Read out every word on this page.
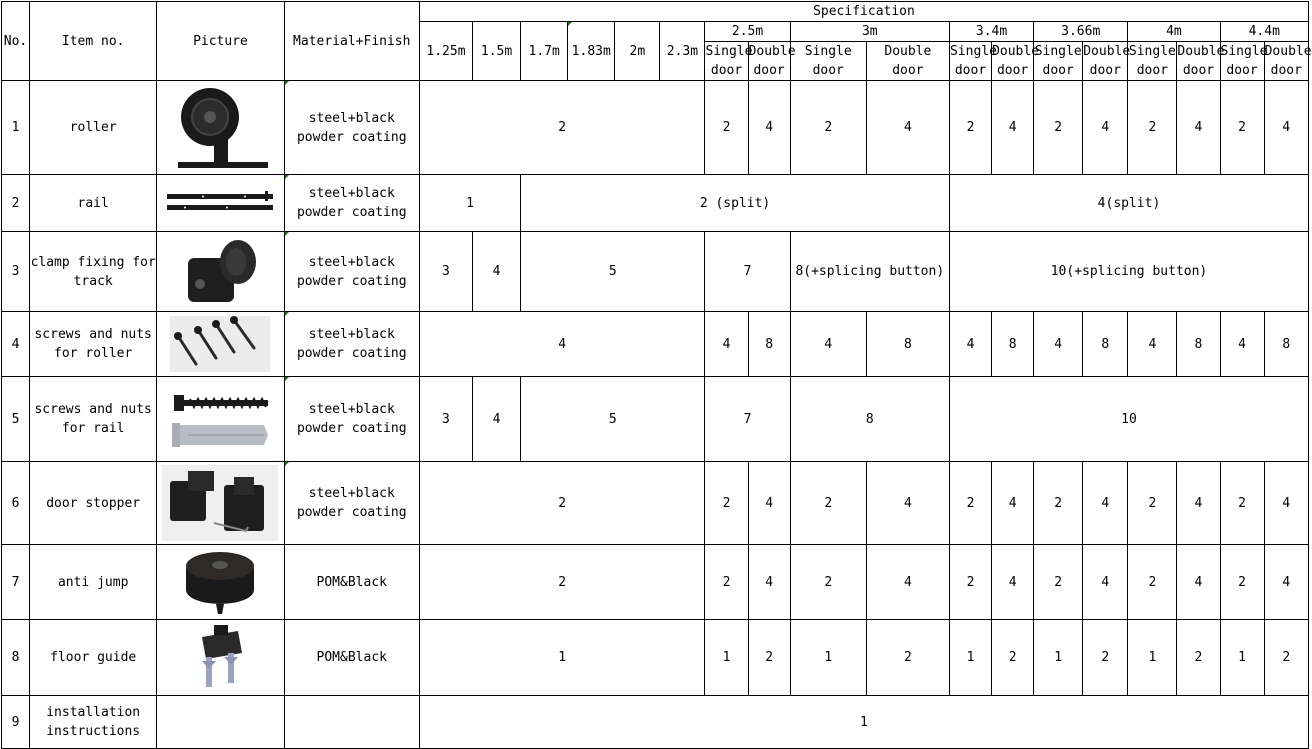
No.	Item no.	Picture	Material+Finish	Specification																	
				1.25m	1.5m	1.7m	1.83m	2m	2.3m	2.5m		3m		3.4m		3.66m		4m		4.4m	
										Single door	Double door	Single door	Double door	Single door	Double door	Single door	Double door	Single door	Double door	Single door	Double door
1	roller		steel+black powder coating	2						2	4	2	4	2	4	2	4	2	4	2	4
2	rail		steel+black powder coating	1		2 (split)								4(split)							
3	clamp fixing for track		steel+black powder coating	3	4	5				7		8(+splicing button)		10(+splicing button)							
4	screws and nuts for roller		steel+black powder coating	4						4	8	4	8	4	8	4	8	4	8	4	8
5	screws and nuts for rail		steel+black powder coating	3	4	5				7		8		10							
6	door stopper		steel+black powder coating	2						2	4	2	4	2	4	2	4	2	4	2	4
7	anti jump		POM&Black	2						2	4	2	4	2	4	2	4	2	4	2	4
8	floor guide		POM&Black	1						1	2	1	2	1	2	1	2	1	2	1	2
9	installation instructions			1																	
